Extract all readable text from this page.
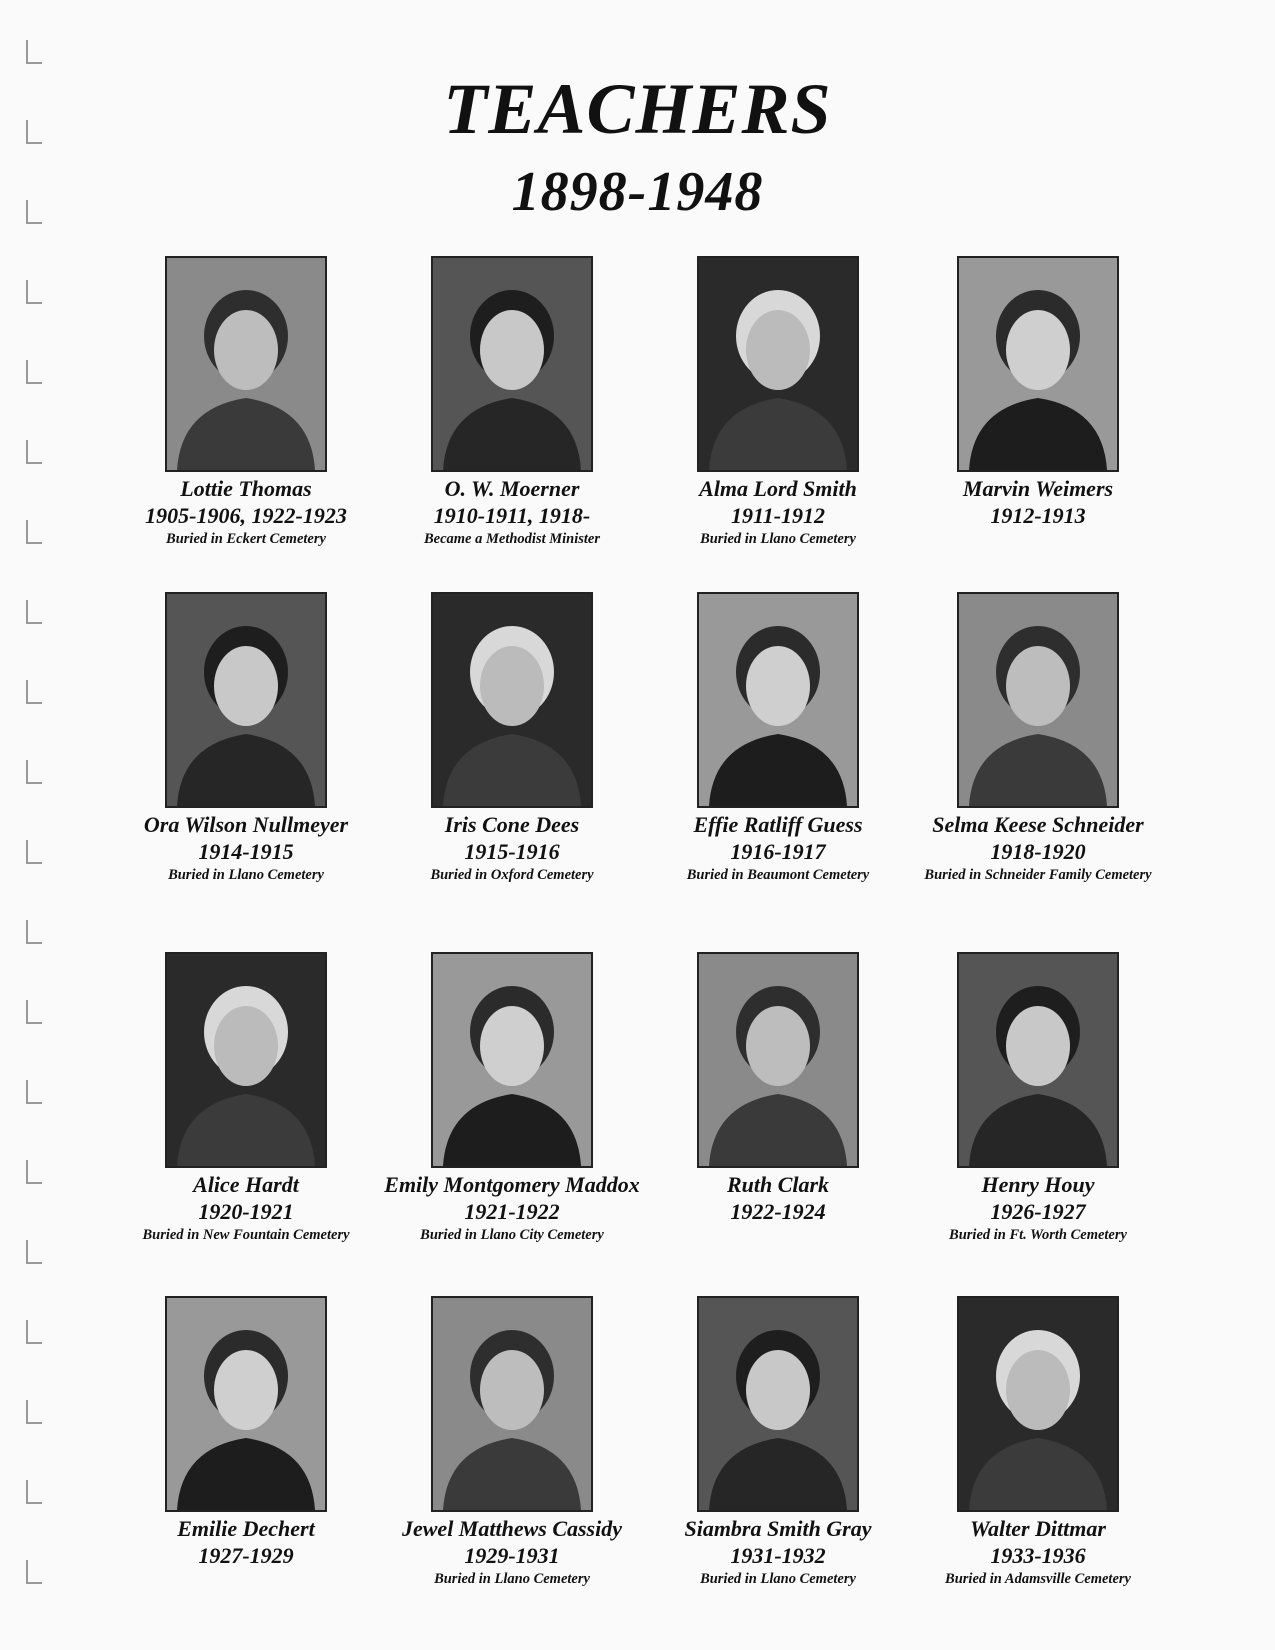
TEACHERS
1898-1948
Lottie Thomas
1905-1906, 1922-1923
Buried in Eckert Cemetery
O. W. Moerner
1910-1911, 1918-
Became a Methodist Minister
Alma Lord Smith
1911-1912
Buried in Llano Cemetery
Marvin Weimers
1912-1913
Ora Wilson Nullmeyer
1914-1915
Buried in Llano Cemetery
Iris Cone Dees
1915-1916
Buried in Oxford Cemetery
Effie Ratliff Guess
1916-1917
Buried in Beaumont Cemetery
Selma Keese Schneider
1918-1920
Buried in Schneider Family Cemetery
Alice Hardt
1920-1921
Buried in New Fountain Cemetery
Emily Montgomery Maddox
1921-1922
Buried in Llano City Cemetery
Ruth Clark
1922-1924
Henry Houy
1926-1927
Buried in Ft. Worth Cemetery
Emilie Dechert
1927-1929
Jewel Matthews Cassidy
1929-1931
Buried in Llano Cemetery
Siambra Smith Gray
1931-1932
Buried in Llano Cemetery
Walter Dittmar
1933-1936
Buried in Adamsville Cemetery
